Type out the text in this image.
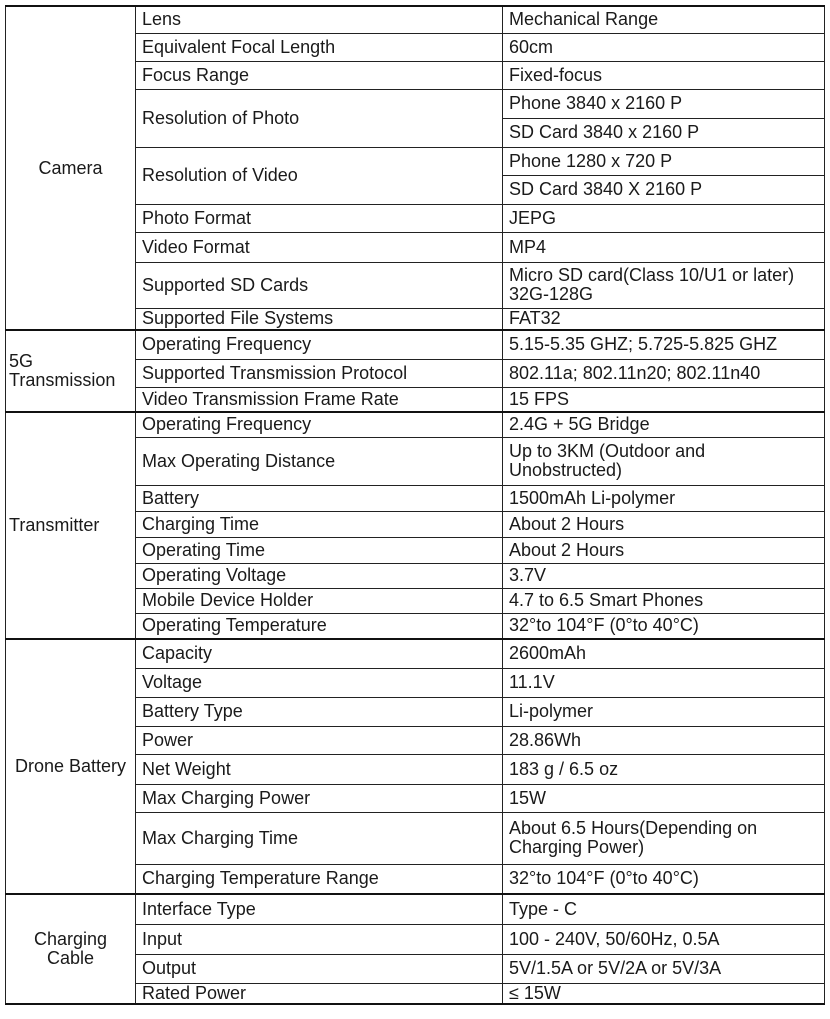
Camera	Lens	Mechanical Range
	Equivalent Focal Length	60cm
	Focus Range	Fixed-focus
	Resolution of Photo	Phone 3840 x 2160 P
		SD Card 3840 x 2160 P
	Resolution of Video	Phone 1280 x 720 P
		SD Card 3840 X 2160 P
	Photo Format	JEPG
	Video Format	MP4
	Supported SD Cards	Micro SD card(Class 10/U1 or later) 32G-128G
	Supported File Systems	FAT32
5G Transmission	Operating Frequency	5.15-5.35 GHZ; 5.725-5.825 GHZ
	Supported Transmission Protocol	802.11a; 802.11n20; 802.11n40
	Video Transmission Frame Rate	15 FPS
Transmitter	Operating Frequency	2.4G + 5G Bridge
	Max Operating Distance	Up to 3KM (Outdoor and Unobstructed)
	Battery	1500mAh Li-polymer
	Charging Time	About 2 Hours
	Operating Time	About 2 Hours
	Operating Voltage	3.7V
	Mobile Device Holder	4.7 to 6.5 Smart Phones
	Operating Temperature	32°to 104°F (0°to 40°C)
Drone Battery	Capacity	2600mAh
	Voltage	11.1V
	Battery Type	Li-polymer
	Power	28.86Wh
	Net Weight	183 g / 6.5 oz
	Max Charging Power	15W
	Max Charging Time	About 6.5 Hours(Depending on Charging Power)
	Charging Temperature Range	32°to 104°F (0°to 40°C)
Charging Cable	Interface Type	Type - C
	Input	100 - 240V, 50/60Hz, 0.5A
	Output	5V/1.5A or 5V/2A or 5V/3A
	Rated Power	≤ 15W
